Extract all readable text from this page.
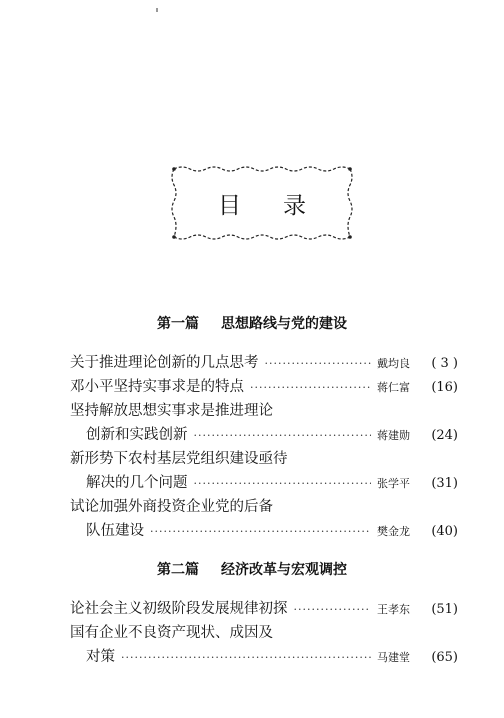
目 录
第一篇 思想路线与党的建设
关于推进理论创新的几点思考 ·····	戴均良	( 3 )
邓小平坚持实事求是的特点 ·····	蒋仁富	(16)
坚持解放思想实事求是推进理论
创新和实践创新 ·····	蒋建勋	(24)
新形势下农村基层党组织建设亟待
解决的几个问题 ·····	张学平	(31)
试论加强外商投资企业党的后备
队伍建设 ·····	樊金龙	(40)
第二篇 经济改革与宏观调控
论社会主义初级阶段发展规律初探 ·····	王孝东	(51)
国有企业不良资产现状、成因及
对策 ·····	马建堂	(65)
